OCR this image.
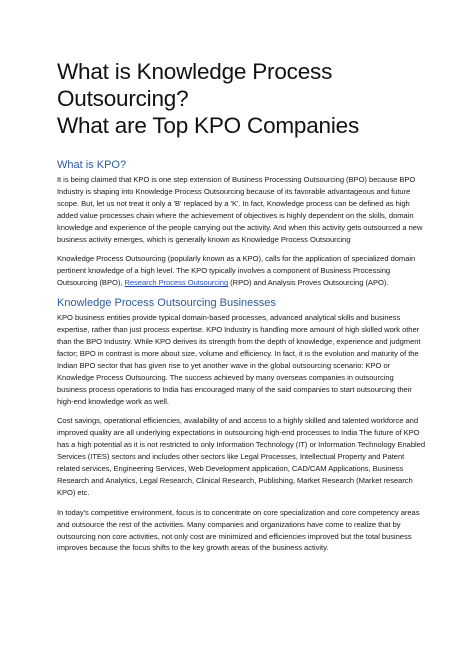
What is Knowledge Process Outsourcing?
What are Top KPO Companies
What is KPO?

It is being claimed that KPO is one step extension of Business Processing Outsourcing (BPO) because BPO Industry is shaping into Knowledge Process Outsourcing because of its favorable advantageous and future scope. But, let us not treat it only a 'B' replaced by a 'K'. In fact, Knowledge process can be defined as high added value processes chain where the achievement of objectives is highly dependent on the skills, domain knowledge and experience of the people carrying out the activity. And when this activity gets outsourced a new business activity emerges, which is generally known as Knowledge Process Outsourcing

Knowledge Process Outsourcing (popularly known as a KPO), calls for the application of specialized domain pertinent knowledge of a high level. The KPO typically involves a component of Business Processing Outsourcing (BPO), Research Process Outsourcing (RPO) and Analysis Proves Outsourcing (APO).

Knowledge Process Outsourcing Businesses

KPO business entities provide typical domain-based processes, advanced analytical skills and business expertise, rather than just process expertise. KPO Industry is handling more amount of high skilled work other than the BPO Industry. While KPO derives its strength from the depth of knowledge, experience and judgment factor; BPO in contrast is more about size, volume and efficiency. In fact, it is the evolution and maturity of the Indian BPO sector that has given rise to yet another wave in the global outsourcing scenario: KPO or Knowledge Process Outsourcing. The success achieved by many overseas companies in outsourcing business process operations to India has encouraged many of the said companies to start outsourcing their high-end knowledge work as well.

Cost savings, operational efficiencies, availability of and access to a highly skilled and talented workforce and improved quality are all underlying expectations in outsourcing high-end processes to India The future of KPO has a high potential as it is not restricted to only Information Technology (IT) or Information Technology Enabled Services (ITES) sectors and includes other sectors like Legal Processes, Intellectual Property and Patent related services, Engineering Services, Web Development application, CAD/CAM Applications, Business Research and Analytics, Legal Research, Clinical Research, Publishing, Market Research (Market research KPO) etc.

In today's competitive environment, focus is to concentrate on core specialization and core competency areas and outsource the rest of the activities. Many companies and organizations have come to realize that by outsourcing non core activities, not only cost are minimized and efficiencies improved but the total business improves because the focus shifts to the key growth areas of the business activity.
